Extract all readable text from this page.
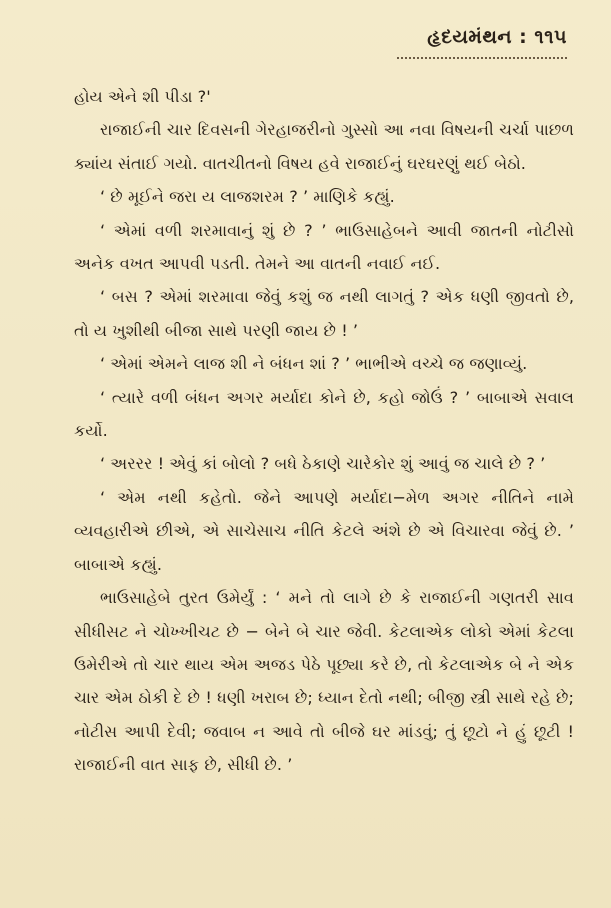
હૃદયમંથન : ૧૧૫

હોય એને શી પીડા ?'

રાજાઈની ચાર દિવસની ગેરહાજરીનો ગુસ્સો આ નવા વિષયની ચર્ચા પાછળ ક્યાંય સંતાઈ ગયો. વાતચીતનો વિષય હવે રાજાઈનું ઘરઘરણું થઈ બેઠો.

‘ છે મૂઈને જરા ય લાજશરમ ? ’ માણિકે કહ્યું.

‘ એમાં વળી શરમાવાનું શું છે ? ’ ભાઉસાહેબને આવી જાતની નોટીસો અનેક વખત આપવી પડતી. તેમને આ વાતની નવાઈ નઈ.

‘ બસ ? એમાં શરમાવા જેવું કશું જ નથી લાગતું ? એક ધણી જીવતો છે, તો ય ખુશીથી બીજા સાથે પરણી જાય છે ! ’

‘ એમાં એમને લાજ શી ને બંધન શાં ? ’ ભાભીએ વચ્ચે જ જણાવ્યું.

‘ ત્યારે વળી બંધન અગર મર્યાદા કોને છે, કહો જોઉં ? ’ બાબાએ સવાલ કર્યો.

‘ અરરર ! એવું કાં બોલો ? બધે ઠેકાણે ચારેકોર શું આવું જ ચાલે છે ? ’

‘ એમ નથી કહેતો. જેને આપણે મર્યાદા−મેળ અગર નીતિને નામે વ્યવહારીએ છીએ, એ સાચેસાચ નીતિ કેટલે અંશે છે એ વિચારવા જેવું છે. ’ બાબાએ કહ્યું.

ભાઉસાહેબે તુરત ઉમેર્યું : ‘ મને તો લાગે છે કે રાજાઈની ગણતરી સાવ સીધીસટ ને ચોખ્ખીચટ છે − બેને બે ચાર જેવી. કેટલાએક લોકો એમાં કેટલા ઉમેરીએ તો ચાર થાય એમ અજડ પેઠે પૂછ્યા કરે છે, તો કેટલાએક બે ને એક ચાર એમ ઠોકી દે છે ! ધણી ખરાબ છે; ધ્યાન દેતો નથી; બીજી સ્ત્રી સાથે રહે છે; નોટીસ આપી દેવી; જવાબ ન આવે તો બીજે ઘર માંડવું; તું છૂટો ને હું છૂટી ! રાજાઈની વાત સાફ છે, સીધી છે. ’
